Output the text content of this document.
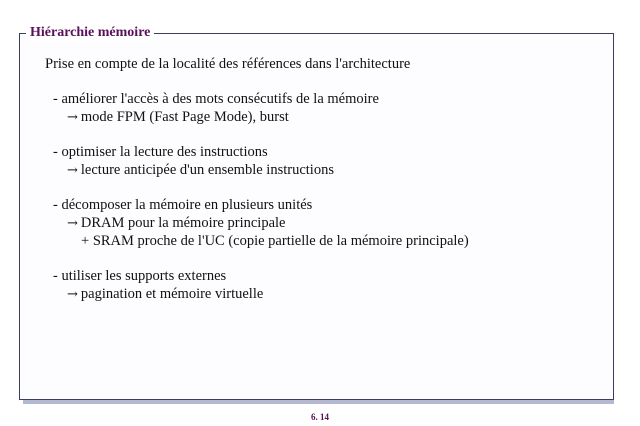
Hiérarchie mémoire
Prise en compte de la localité des références dans l'architecture
- améliorer l'accès à des mots consécutifs de la mémoire
→ mode FPM (Fast Page Mode), burst
- optimiser la lecture des instructions
→ lecture anticipée d'un ensemble instructions
- décomposer la mémoire en plusieurs unités
→ DRAM pour la mémoire principale
+ SRAM proche de l'UC (copie partielle de la mémoire principale)
- utiliser les supports externes
→ pagination et mémoire virtuelle
6. 14
